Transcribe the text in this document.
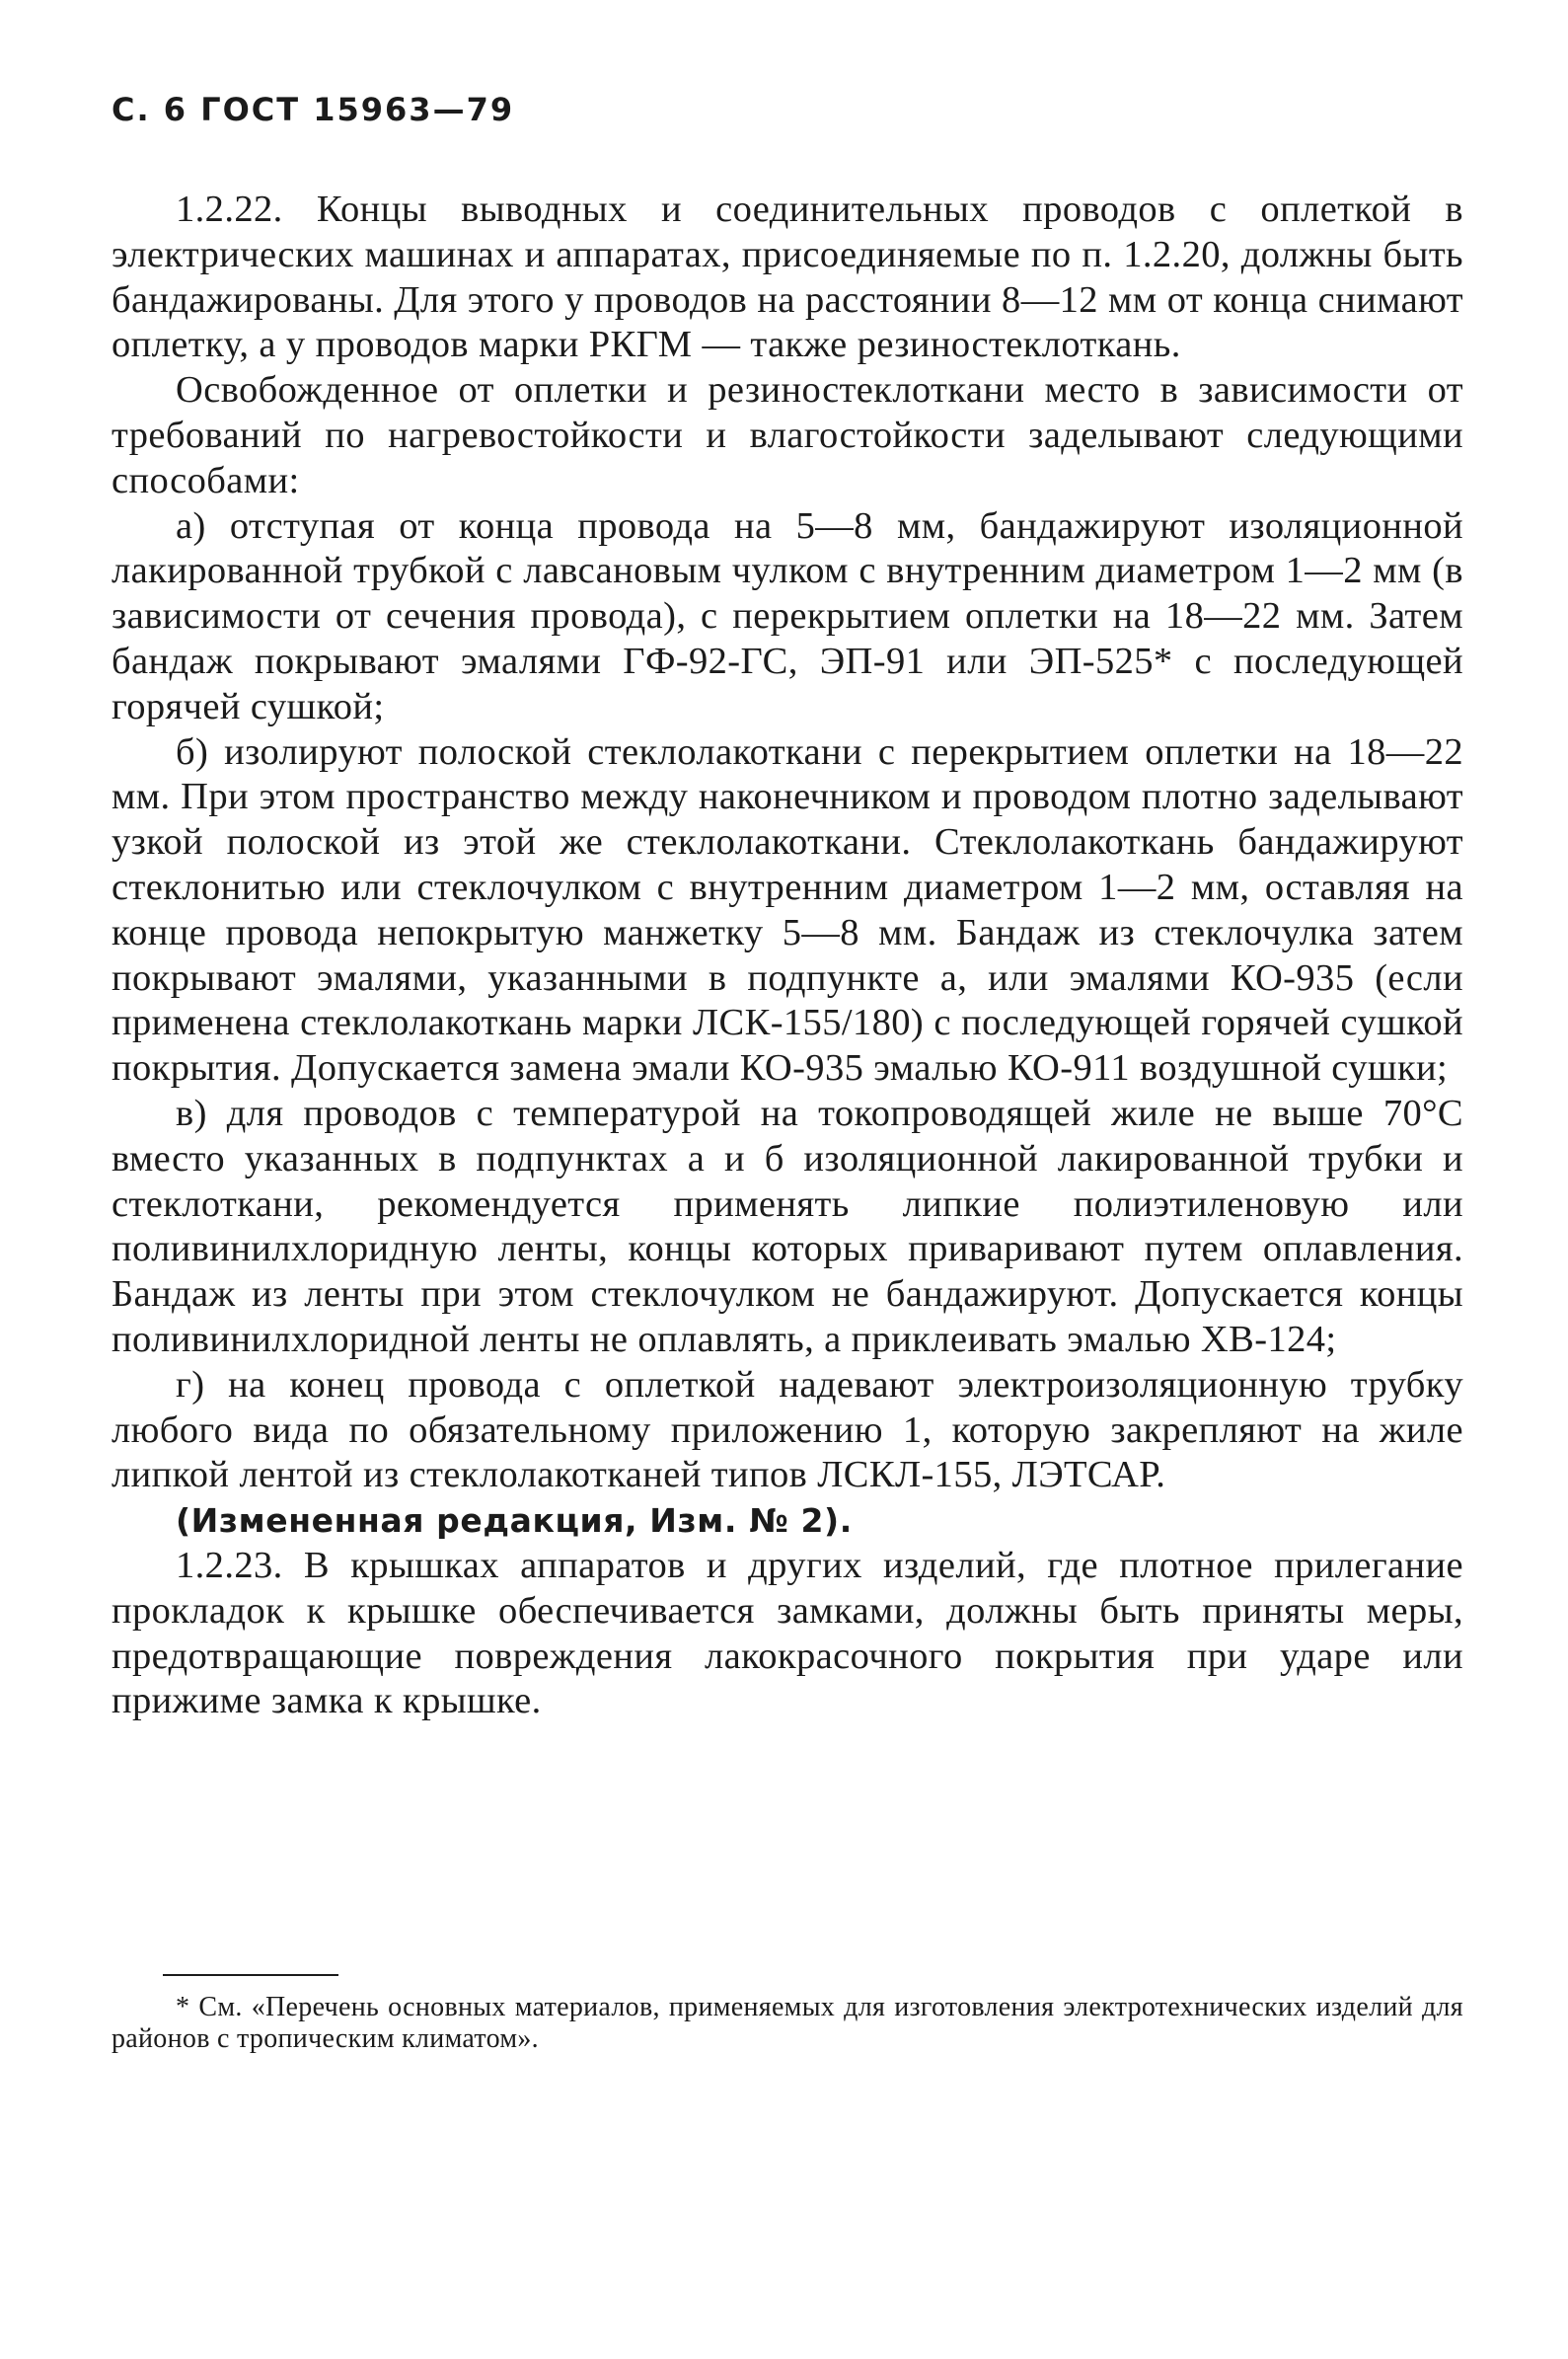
С. 6 ГОСТ 15963—79

1.2.22. Концы выводных и соединительных проводов с оплеткой в электрических машинах и аппаратах, присоединяемые по п. 1.2.20, должны быть бандажированы. Для этого у проводов на расстоянии 8—12 мм от конца снимают оплетку, а у проводов марки РКГМ — также резиностеклоткань.

Освобожденное от оплетки и резиностеклоткани место в зависимости от требований по нагревостойкости и влагостойкости заделывают следующими способами:

а) отступая от конца провода на 5—8 мм, бандажируют изоляционной лакированной трубкой с лавсановым чулком с внутренним диаметром 1—2 мм (в зависимости от сечения провода), с перекрытием оплетки на 18—22 мм. Затем бандаж покрывают эмалями ГФ-92-ГС, ЭП-91 или ЭП-525* с последующей горячей сушкой;

б) изолируют полоской стеклолакоткани с перекрытием оплетки на 18—22 мм. При этом пространство между наконечником и проводом плотно заделывают узкой полоской из этой же стеклолакоткани. Стеклолакоткань бандажируют стеклонитью или стеклочулком с внутренним диаметром 1—2 мм, оставляя на конце провода непокрытую манжетку 5—8 мм. Бандаж из стеклочулка затем покрывают эмалями, указанными в подпункте а, или эмалями КО-935 (если применена стеклолакоткань марки ЛСК-155/180) с последующей горячей сушкой покрытия. Допускается замена эмали КО-935 эмалью КО-911 воздушной сушки;

в) для проводов с температурой на токопроводящей жиле не выше 70°С вместо указанных в подпунктах а и б изоляционной лакированной трубки и стеклоткани, рекомендуется применять липкие полиэтиленовую или поливинилхлоридную ленты, концы которых приваривают путем оплавления. Бандаж из ленты при этом стеклочулком не бандажируют. Допускается концы поливинилхлоридной ленты не оплавлять, а приклеивать эмалью ХВ-124;

г) на конец провода с оплеткой надевают электроизоляционную трубку любого вида по обязательному приложению 1, которую закрепляют на жиле липкой лентой из стеклолакотканей типов ЛСКЛ-155, ЛЭТСАР.

(Измененная редакция, Изм. № 2).

1.2.23. В крышках аппаратов и других изделий, где плотное прилегание прокладок к крышке обеспечивается замками, должны быть приняты меры, предотвращающие повреждения лакокрасочного покрытия при ударе или прижиме замка к крышке.

* См. «Перечень основных материалов, применяемых для изготовления электротехнических изделий для районов с тропическим климатом».
